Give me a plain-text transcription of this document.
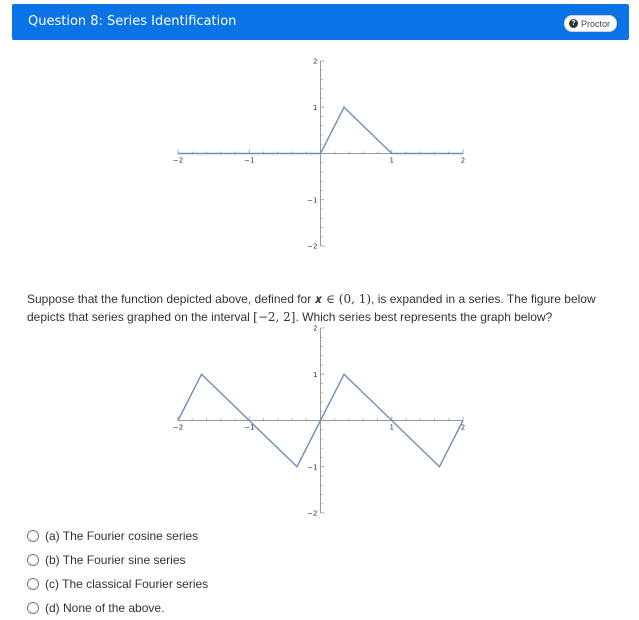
Question 8: Series Identification	? Proctor
−2	−1	1	2
2
1
−1
−2
Suppose that the function depicted above, defined for 𝒙 ∈ (0, 1), is expanded in a series. The figure below depicts that series graphed on the interval [−2, 2]. Which series best represents the graph below?
−2	−1	1	2
2
1
−1
−2
(a) The Fourier cosine series
(b) The Fourier sine series
(c) The classical Fourier series
(d) None of the above.
